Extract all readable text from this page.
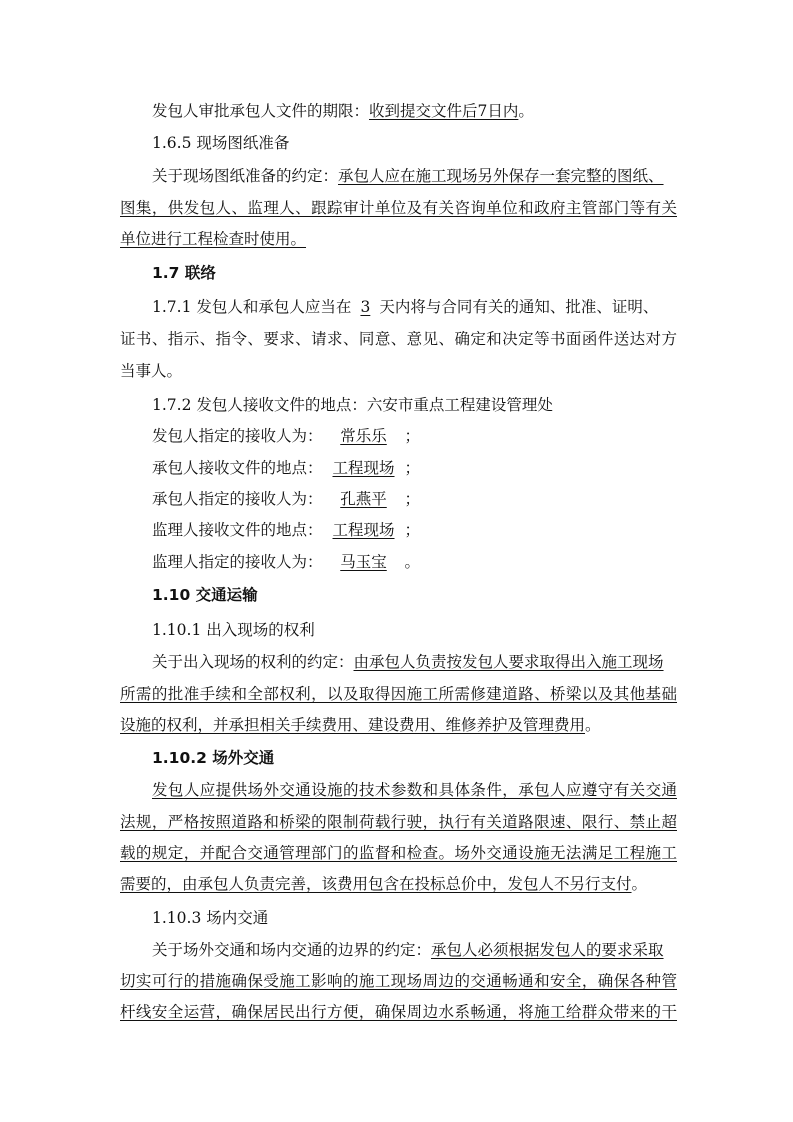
发包人审批承包人文件的期限：收到提交文件后7日内。
1.6.5 现场图纸准备
关于现场图纸准备的约定：承包人应在施工现场另外保存一套完整的图纸、
图集，供发包人、监理人、跟踪审计单位及有关咨询单位和政府主管部门等有关
单位进行工程检查时使用。
1.7 联络
1.7.1 发包人和承包人应当在 3 天内将与合同有关的通知、批准、证明、
证书、指示、指令、要求、请求、同意、意见、确定和决定等书面函件送达对方
当事人。
1.7.2 发包人接收文件的地点：六安市重点工程建设管理处
发包人指定的接收人为： 常乐乐 ；
承包人接收文件的地点： 工程现场 ；
承包人指定的接收人为： 孔燕平 ；
监理人接收文件的地点： 工程现场 ；
监理人指定的接收人为： 马玉宝 。
1.10 交通运输
1.10.1 出入现场的权利
关于出入现场的权利的约定：由承包人负责按发包人要求取得出入施工现场
所需的批准手续和全部权利，以及取得因施工所需修建道路、桥梁以及其他基础
设施的权利，并承担相关手续费用、建设费用、维修养护及管理费用。
1.10.2 场外交通
发包人应提供场外交通设施的技术参数和具体条件，承包人应遵守有关交通
法规，严格按照道路和桥梁的限制荷载行驶，执行有关道路限速、限行、禁止超
载的规定，并配合交通管理部门的监督和检查。场外交通设施无法满足工程施工
需要的，由承包人负责完善，该费用包含在投标总价中，发包人不另行支付。
1.10.3 场内交通
关于场外交通和场内交通的边界的约定：承包人必须根据发包人的要求采取
切实可行的措施确保受施工影响的施工现场周边的交通畅通和安全，确保各种管
杆线安全运营，确保居民出行方便，确保周边水系畅通，将施工给群众带来的干
